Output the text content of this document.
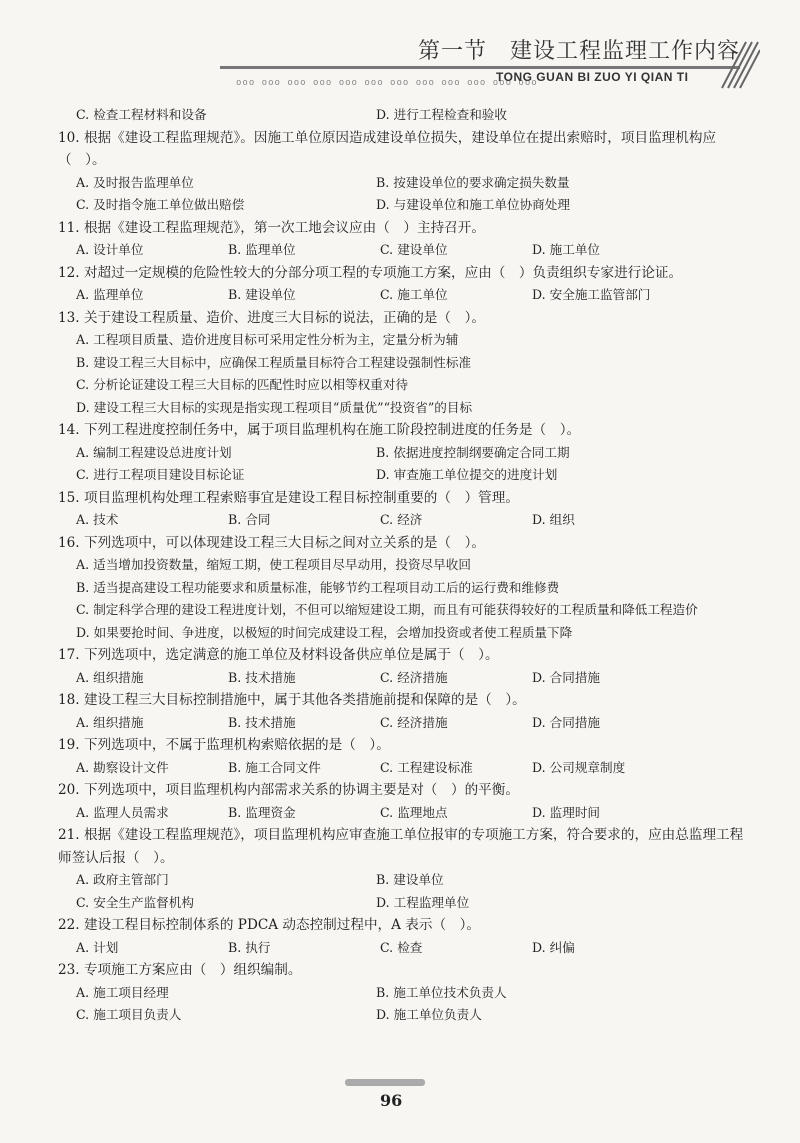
第一节　建设工程监理工作内容
ooo ooo ooo ooo ooo ooo ooo ooo ooo ooo ooo ooo
TONG GUAN BI ZUO YI QIAN TI
C. 检查工程材料和设备	D. 进行工程检查和验收

10. 根据《建设工程监理规范》。因施工单位原因造成建设单位损失，建设单位在提出索赔时，项目监理机构应（　）。

A. 及时报告监理单位	B. 按建设单位的要求确定损失数量
C. 及时指令施工单位做出赔偿	D. 与建设单位和施工单位协商处理

11. 根据《建设工程监理规范》，第一次工地会议应由（　）主持召开。

A. 设计单位	B. 监理单位	C. 建设单位	D. 施工单位

12. 对超过一定规模的危险性较大的分部分项工程的专项施工方案，应由（　）负责组织专家进行论证。

A. 监理单位	B. 建设单位	C. 施工单位	D. 安全施工监管部门

13. 关于建设工程质量、造价、进度三大目标的说法，正确的是（　）。

A. 工程项目质量、造价进度目标可采用定性分析为主，定量分析为辅
B. 建设工程三大目标中，应确保工程质量目标符合工程建设强制性标准
C. 分析论证建设工程三大目标的匹配性时应以相等权重对待
D. 建设工程三大目标的实现是指实现工程项目“质量优”“投资省”的目标

14. 下列工程进度控制任务中，属于项目监理机构在施工阶段控制进度的任务是（　）。

A. 编制工程建设总进度计划	B. 依据进度控制纲要确定合同工期
C. 进行工程项目建设目标论证	D. 审查施工单位提交的进度计划

15. 项目监理机构处理工程索赔事宜是建设工程目标控制重要的（　）管理。

A. 技术	B. 合同	C. 经济	D. 组织

16. 下列选项中，可以体现建设工程三大目标之间对立关系的是（　）。

A. 适当增加投资数量，缩短工期，使工程项目尽早动用，投资尽早收回
B. 适当提高建设工程功能要求和质量标准，能够节约工程项目动工后的运行费和维修费
C. 制定科学合理的建设工程进度计划，不但可以缩短建设工期，而且有可能获得较好的工程质量和降低工程造价
D. 如果要抢时间、争进度，以极短的时间完成建设工程，会增加投资或者使工程质量下降

17. 下列选项中，选定满意的施工单位及材料设备供应单位是属于（　）。

A. 组织措施	B. 技术措施	C. 经济措施	D. 合同措施

18. 建设工程三大目标控制措施中，属于其他各类措施前提和保障的是（　）。

A. 组织措施	B. 技术措施	C. 经济措施	D. 合同措施

19. 下列选项中，不属于监理机构索赔依据的是（　）。

A. 勘察设计文件	B. 施工合同文件	C. 工程建设标准	D. 公司规章制度

20. 下列选项中，项目监理机构内部需求关系的协调主要是对（　）的平衡。

A. 监理人员需求	B. 监理资金	C. 监理地点	D. 监理时间

21. 根据《建设工程监理规范》，项目监理机构应审查施工单位报审的专项施工方案，符合要求的，应由总监理工程师签认后报（　）。

A. 政府主管部门	B. 建设单位
C. 安全生产监督机构	D. 工程监理单位

22. 建设工程目标控制体系的 PDCA 动态控制过程中，A 表示（　）。

A. 计划	B. 执行	C. 检查	D. 纠偏

23. 专项施工方案应由（　）组织编制。

A. 施工项目经理	B. 施工单位技术负责人
C. 施工项目负责人	D. 施工单位负责人
96
